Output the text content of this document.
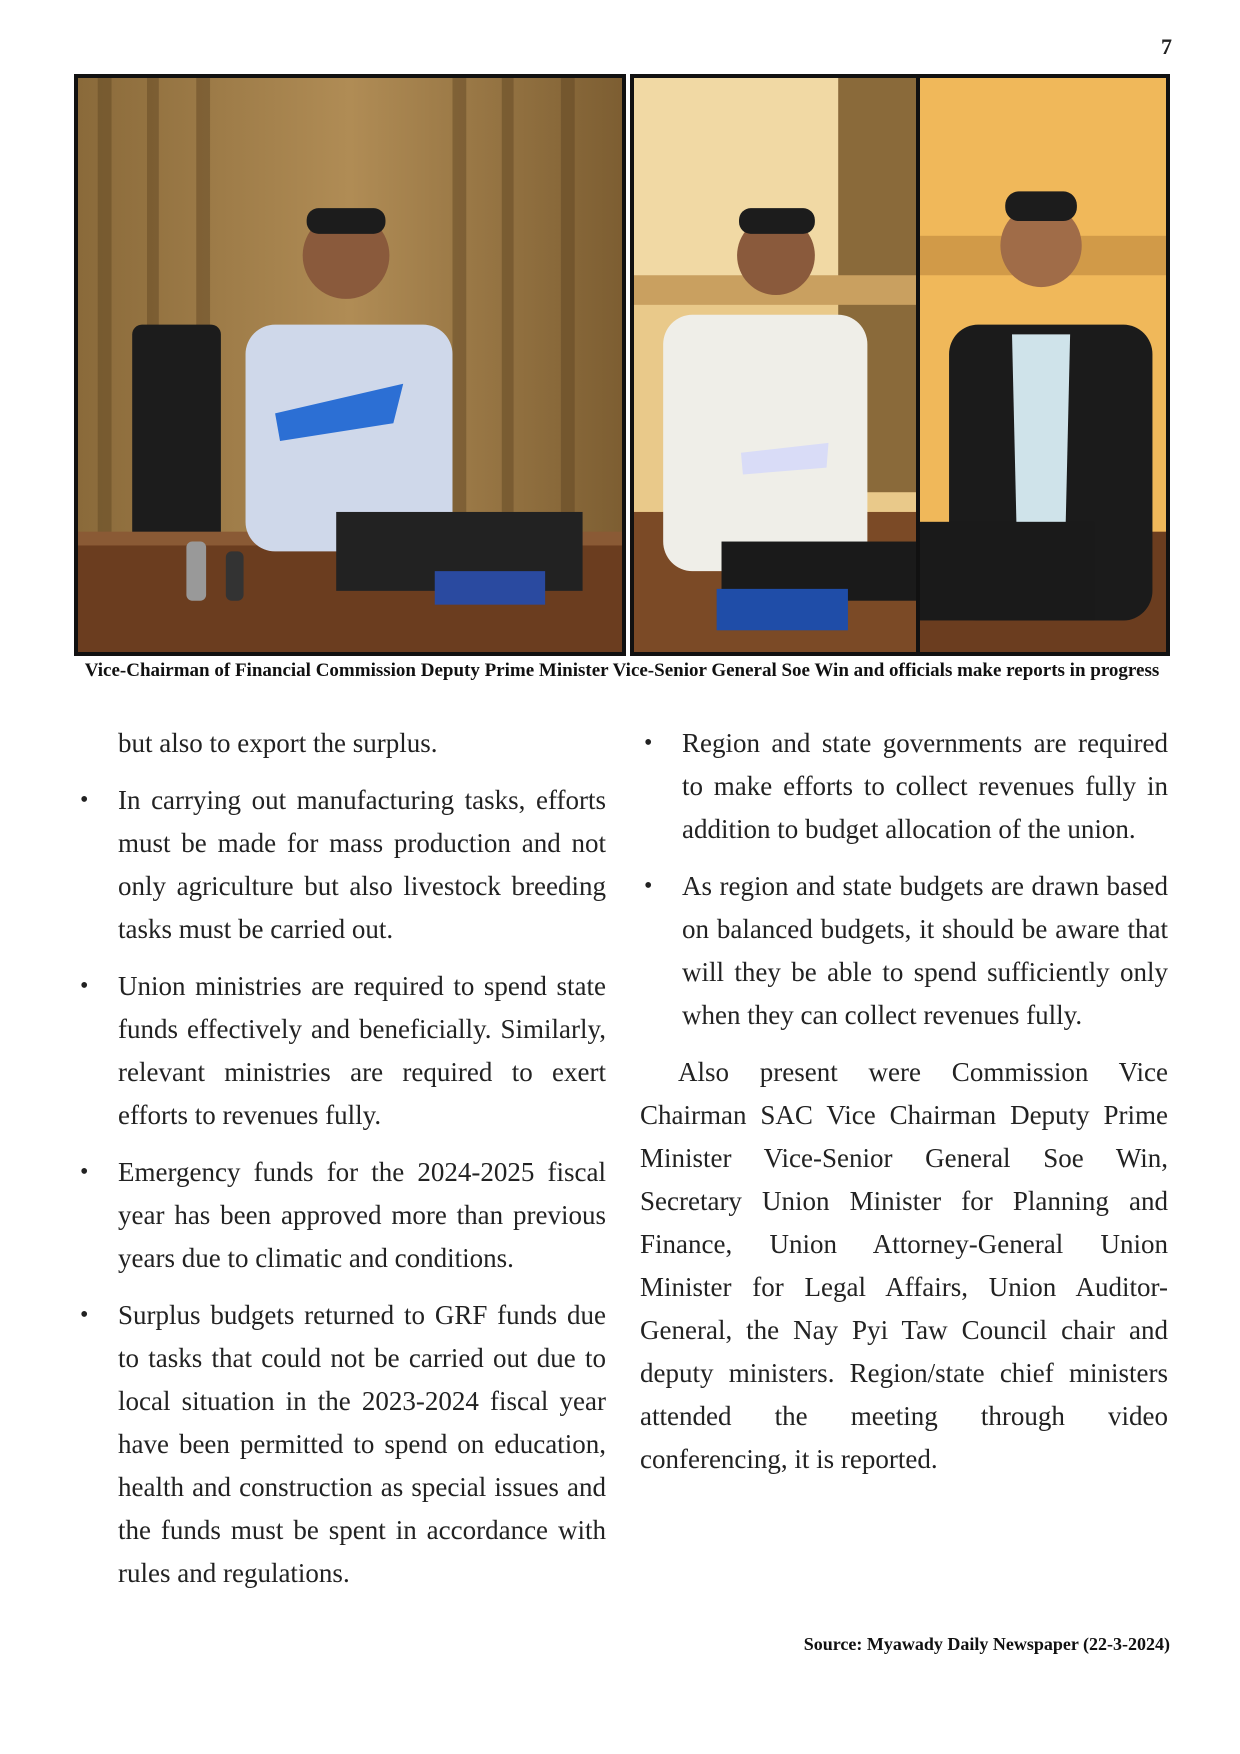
7
Vice-Chairman of Financial Commission Deputy Prime Minister Vice-Senior General Soe Win and officials make reports in progress

but also to export the surplus.

• In carrying out manufacturing tasks, efforts must be made for mass production and not only agriculture but also livestock breeding tasks must be carried out.
• Union ministries are required to spend state funds effectively and beneficially. Similarly, relevant ministries are required to exert efforts to revenues fully.
• Emergency funds for the 2024-2025 fiscal year has been approved more than previous years due to climatic and conditions.
• Surplus budgets returned to GRF funds due to tasks that could not be carried out due to local situation in the 2023-2024 fiscal year have been permitted to spend on education, health and construction as special issues and the funds must be spent in accordance with rules and regulations.
• Region and state governments are required to make efforts to collect revenues fully in addition to budget allocation of the union.
• As region and state budgets are drawn based on balanced budgets, it should be aware that will they be able to spend sufficiently only when they can collect revenues fully.

Also present were Commission Vice Chairman SAC Vice Chairman Deputy Prime Minister Vice-Senior General Soe Win, Secretary Union Minister for Planning and Finance, Union Attorney-General Union Minister for Legal Affairs, Union Auditor-General, the Nay Pyi Taw Council chair and deputy ministers. Region/state chief ministers attended the meeting through video conferencing, it is reported.

Source: Myawady Daily Newspaper (22-3-2024)
